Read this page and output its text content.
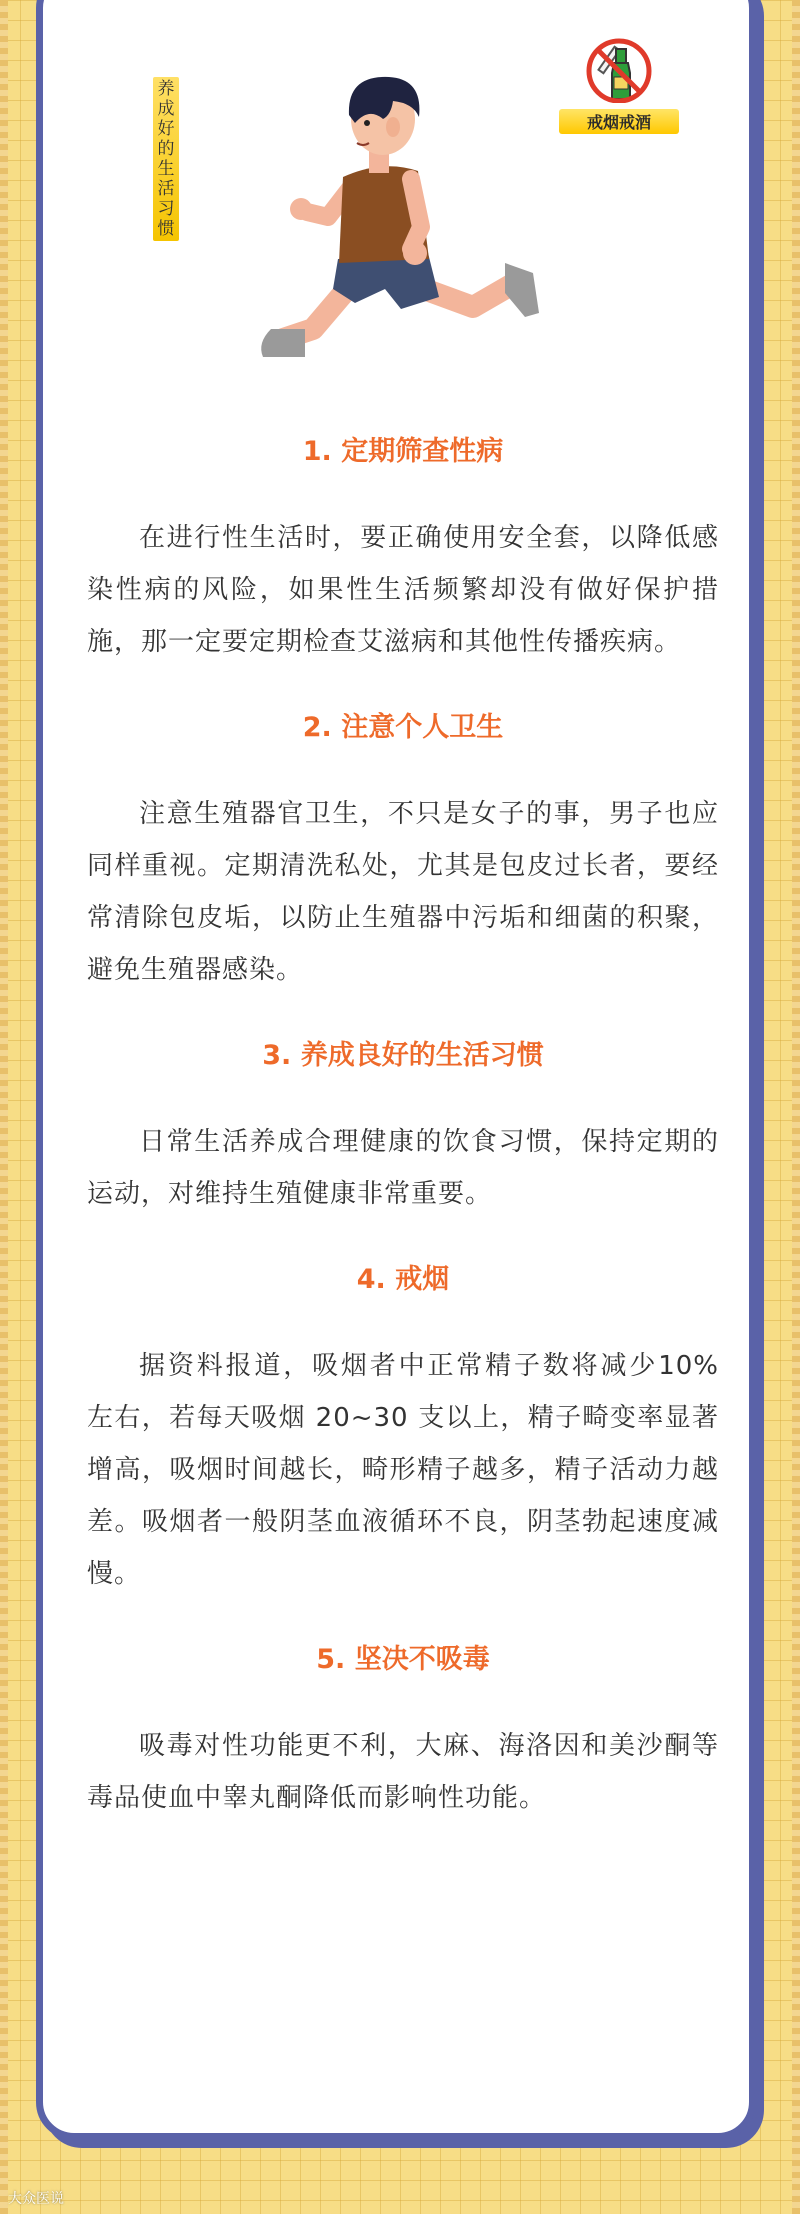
养成好的生活习惯
戒烟戒酒
1. 定期筛查性病

在进行性生活时，要正确使用安全套，以降低感染性病的风险，如果性生活频繁却没有做好保护措施，那一定要定期检查艾滋病和其他性传播疾病。

2. 注意个人卫生

注意生殖器官卫生，不只是女子的事，男子也应同样重视。定期清洗私处，尤其是包皮过长者，要经常清除包皮垢，以防止生殖器中污垢和细菌的积聚，避免生殖器感染。

3. 养成良好的生活习惯

日常生活养成合理健康的饮食习惯，保持定期的运动，对维持生殖健康非常重要。

4. 戒烟

据资料报道，吸烟者中正常精子数将减少10% 左右，若每天吸烟 20~30 支以上，精子畸变率显著增高，吸烟时间越长，畸形精子越多，精子活动力越差。吸烟者一般阴茎血液循环不良，阴茎勃起速度减慢。

5. 坚决不吸毒

吸毒对性功能更不利，大麻、海洛因和美沙酮等毒品使血中睾丸酮降低而影响性功能。

大众医说
